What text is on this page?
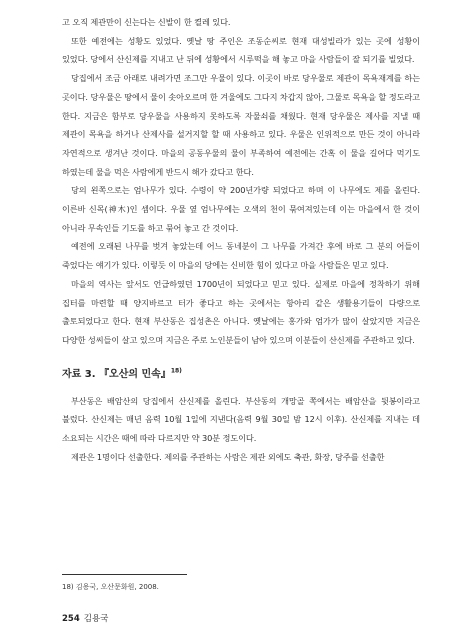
고 오직 제관만이 신는다는 신발이 한 켤레 있다.

또한 예전에는 성황도 있었다. 옛날 땅 주인은 조동순씨로 현재 대성빌라가 있는 곳에 성황이 있었다. 당에서 산신제를 지내고 난 뒤에 성황에서 시루떡을 해 놓고 마을 사람들이 잘 되기를 빌었다.

당집에서 조금 아래로 내려가면 조그만 우물이 있다. 이곳이 바로 당우물로 제관이 목욕재계를 하는 곳이다. 당우물은 땅에서 물이 솟아오르며 한 겨울에도 그다지 차갑지 않아, 그물로 목욕을 할 정도라고 한다. 지금은 함부로 당우물을 사용하지 못하도록 자물쇠를 채웠다. 현재 당우물은 제사를 지낼 때 제관이 목욕을 하거나 산제사를 설거지할 할 때 사용하고 있다. 우물은 인위적으로 만든 것이 아니라 자연적으로 생겨난 것이다. 마을의 공동우물의 물이 부족하여 예전에는 간혹 이 물을 길어다 먹기도 하였는데 물을 먹은 사람에게 반드시 해가 갔다고 한다.

당의 왼쪽으로는 엄나무가 있다. 수령이 약 200년가량 되었다고 하며 이 나무에도 제를 올린다. 이른바 신목(神木)인 셈이다. 우물 옆 엄나무에는 오색의 천이 묶여져있는데 이는 마을에서 한 것이 아니라 무속인들 기도를 하고 묶어 놓고 간 것이다.

예전에 오래된 나무를 벗겨 놓았는데 어느 동네분이 그 나무를 가져간 후에 바로 그 분의 어들이 죽었다는 얘기가 있다. 이렇듯 이 마을의 당에는 신비한 힘이 있다고 마을 사람들은 믿고 있다.

마을의 역사는 앞서도 언급하였던 1700년이 되었다고 믿고 있다. 실제로 마을에 정착하기 위해 집터를 마련할 때 양지바르고 터가 좋다고 하는 곳에서는 항아리 같은 생활용기들이 다량으로 출토되었다고 한다. 현재 부산동은 집성촌은 아니다. 옛날에는 홍가와 엄가가 많이 살았지만 지금은 다양한 성씨들이 살고 있으며 지금은 주로 노인분들이 남아 있으며 이분들이 산신제를 주관하고 있다.

자료 3. 『오산의 민속』$^{18)}$

부산동은 배암산의 당집에서 산신제를 올린다. 부산동의 개망골 쪽에서는 배암산을 뒷봉이라고 불렀다. 산신제는 매년 음력 10월 1일에 지낸다(음력 9월 30일 밤 12시 이후). 산신제를 지내는 데 소요되는 시간은 때에 따라 다르지만 약 30분 정도이다.

제관은 1명이다 선출한다. 제의를 주관하는 사람은 제관 외에도 축관, 화장, 당주를 선출한

18) 김용국, 오산문화원, 2008.
254 김용국
